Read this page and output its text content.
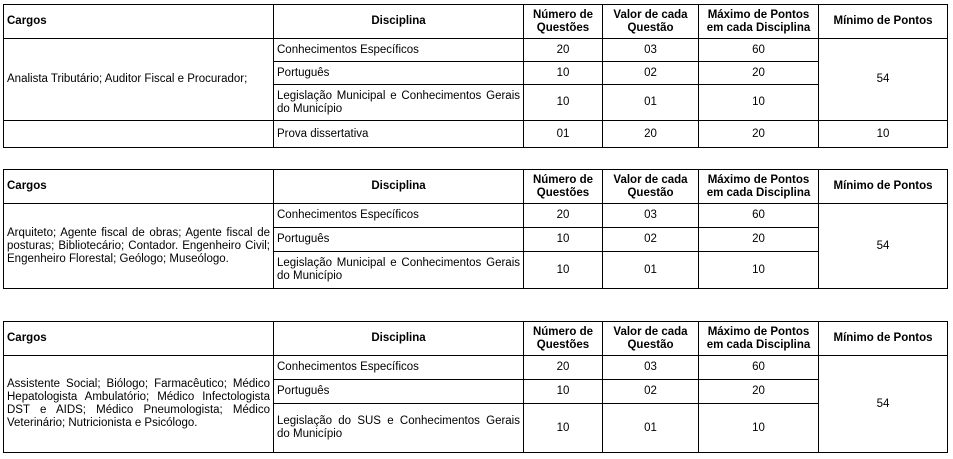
Cargos	Disciplina	Número de Questões	Valor de cada Questão	Máximo de Pontos em cada Disciplina	Mínimo de Pontos
Analista Tributário; Auditor Fiscal e Procurador;	Conhecimentos Específicos	20	03	60	54
	Português	10	02	20	
	Legislação Municipal e Conhecimentos Gerais do Município	10	01	10	
	Prova dissertativa	01	20	20	10
Cargos	Disciplina	Número de Questões	Valor de cada Questão	Máximo de Pontos em cada Disciplina	Mínimo de Pontos
Arquiteto; Agente fiscal de obras; Agente fiscal de posturas; Bibliotecário; Contador. Engenheiro Civil; Engenheiro Florestal; Geólogo; Museólogo.	Conhecimentos Específicos	20	03	60	54
	Português	10	02	20	
	Legislação Municipal e Conhecimentos Gerais do Município	10	01	10	
Cargos	Disciplina	Número de Questões	Valor de cada Questão	Máximo de Pontos em cada Disciplina	Mínimo de Pontos
Assistente Social; Biólogo; Farmacêutico; Médico Hepatologista Ambulatório; Médico Infectologista DST e AIDS; Médico Pneumologista; Médico Veterinário; Nutricionista e Psicólogo.	Conhecimentos Específicos	20	03	60	54
	Português	10	02	20	
	Legislação do SUS e Conhecimentos Gerais do Município	10	01	10	
